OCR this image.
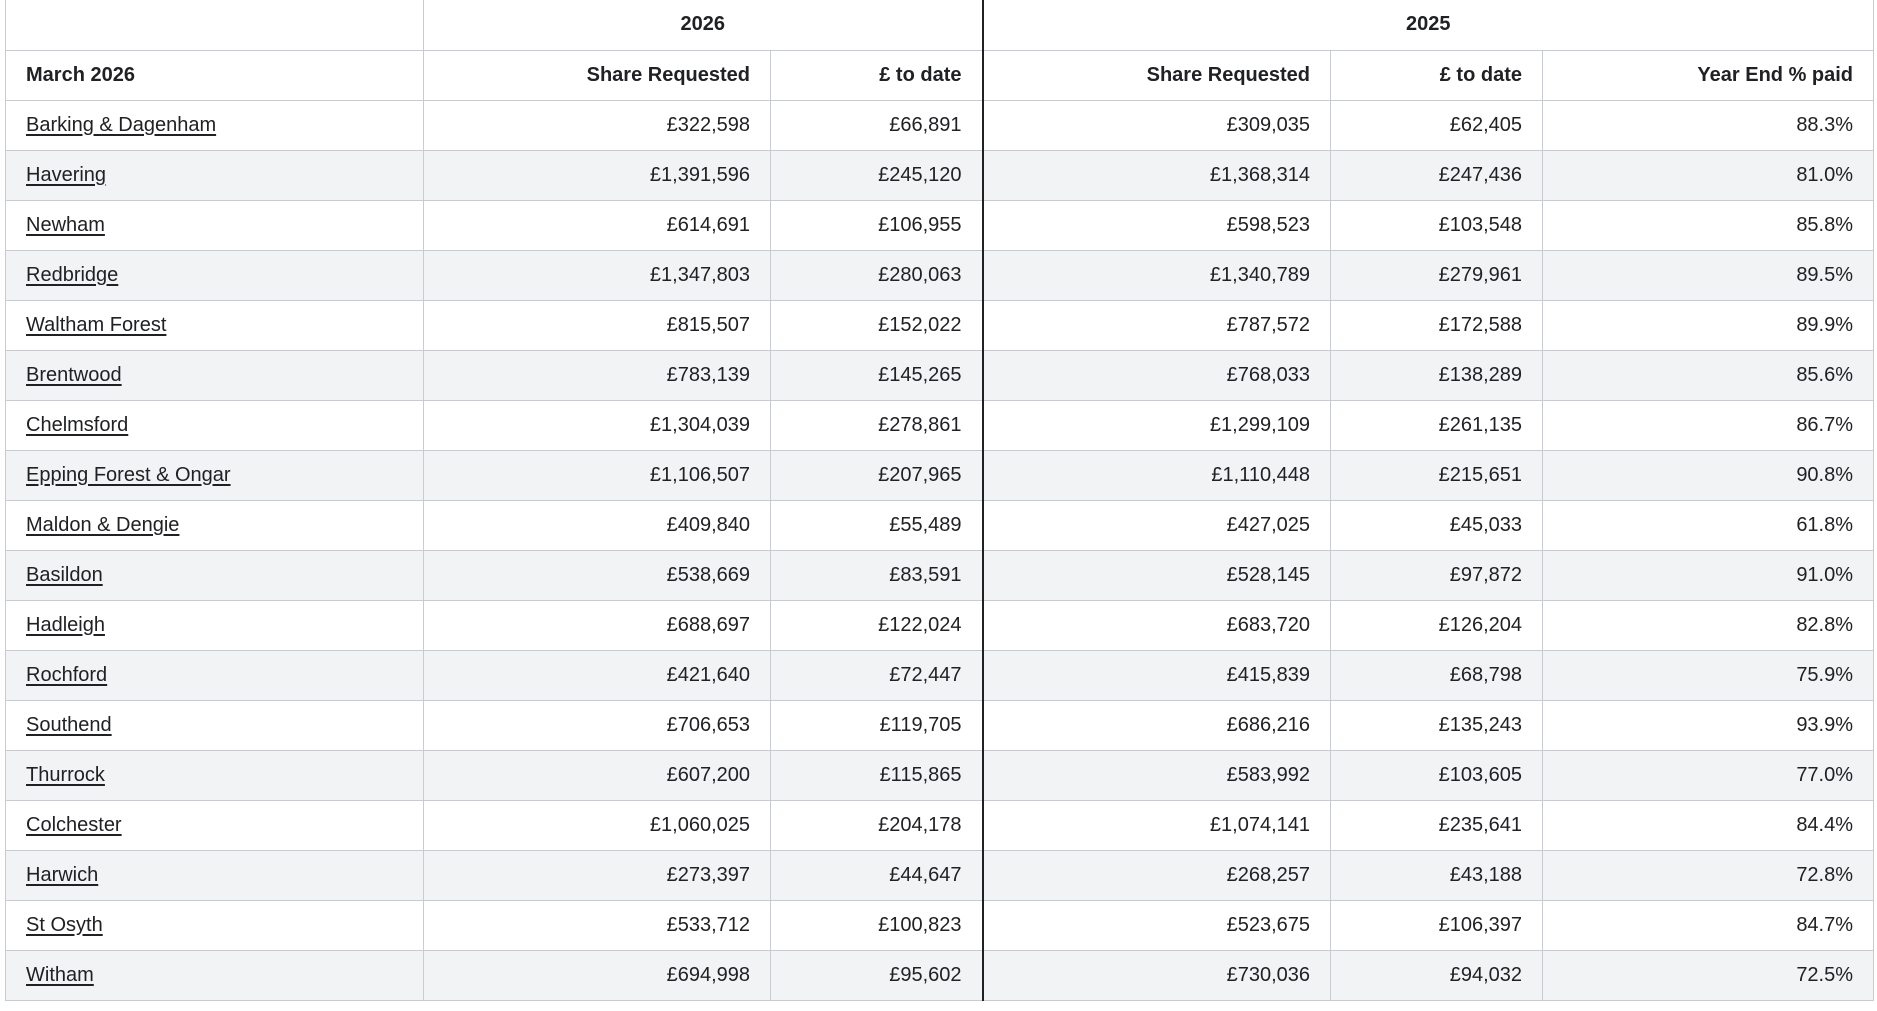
	2026		2025		
March 2026	Share Requested	£ to date	Share Requested	£ to date	Year End % paid
Barking & Dagenham	£322,598	£66,891	£309,035	£62,405	88.3%
Havering	£1,391,596	£245,120	£1,368,314	£247,436	81.0%
Newham	£614,691	£106,955	£598,523	£103,548	85.8%
Redbridge	£1,347,803	£280,063	£1,340,789	£279,961	89.5%
Waltham Forest	£815,507	£152,022	£787,572	£172,588	89.9%
Brentwood	£783,139	£145,265	£768,033	£138,289	85.6%
Chelmsford	£1,304,039	£278,861	£1,299,109	£261,135	86.7%
Epping Forest & Ongar	£1,106,507	£207,965	£1,110,448	£215,651	90.8%
Maldon & Dengie	£409,840	£55,489	£427,025	£45,033	61.8%
Basildon	£538,669	£83,591	£528,145	£97,872	91.0%
Hadleigh	£688,697	£122,024	£683,720	£126,204	82.8%
Rochford	£421,640	£72,447	£415,839	£68,798	75.9%
Southend	£706,653	£119,705	£686,216	£135,243	93.9%
Thurrock	£607,200	£115,865	£583,992	£103,605	77.0%
Colchester	£1,060,025	£204,178	£1,074,141	£235,641	84.4%
Harwich	£273,397	£44,647	£268,257	£43,188	72.8%
St Osyth	£533,712	£100,823	£523,675	£106,397	84.7%
Witham	£694,998	£95,602	£730,036	£94,032	72.5%
